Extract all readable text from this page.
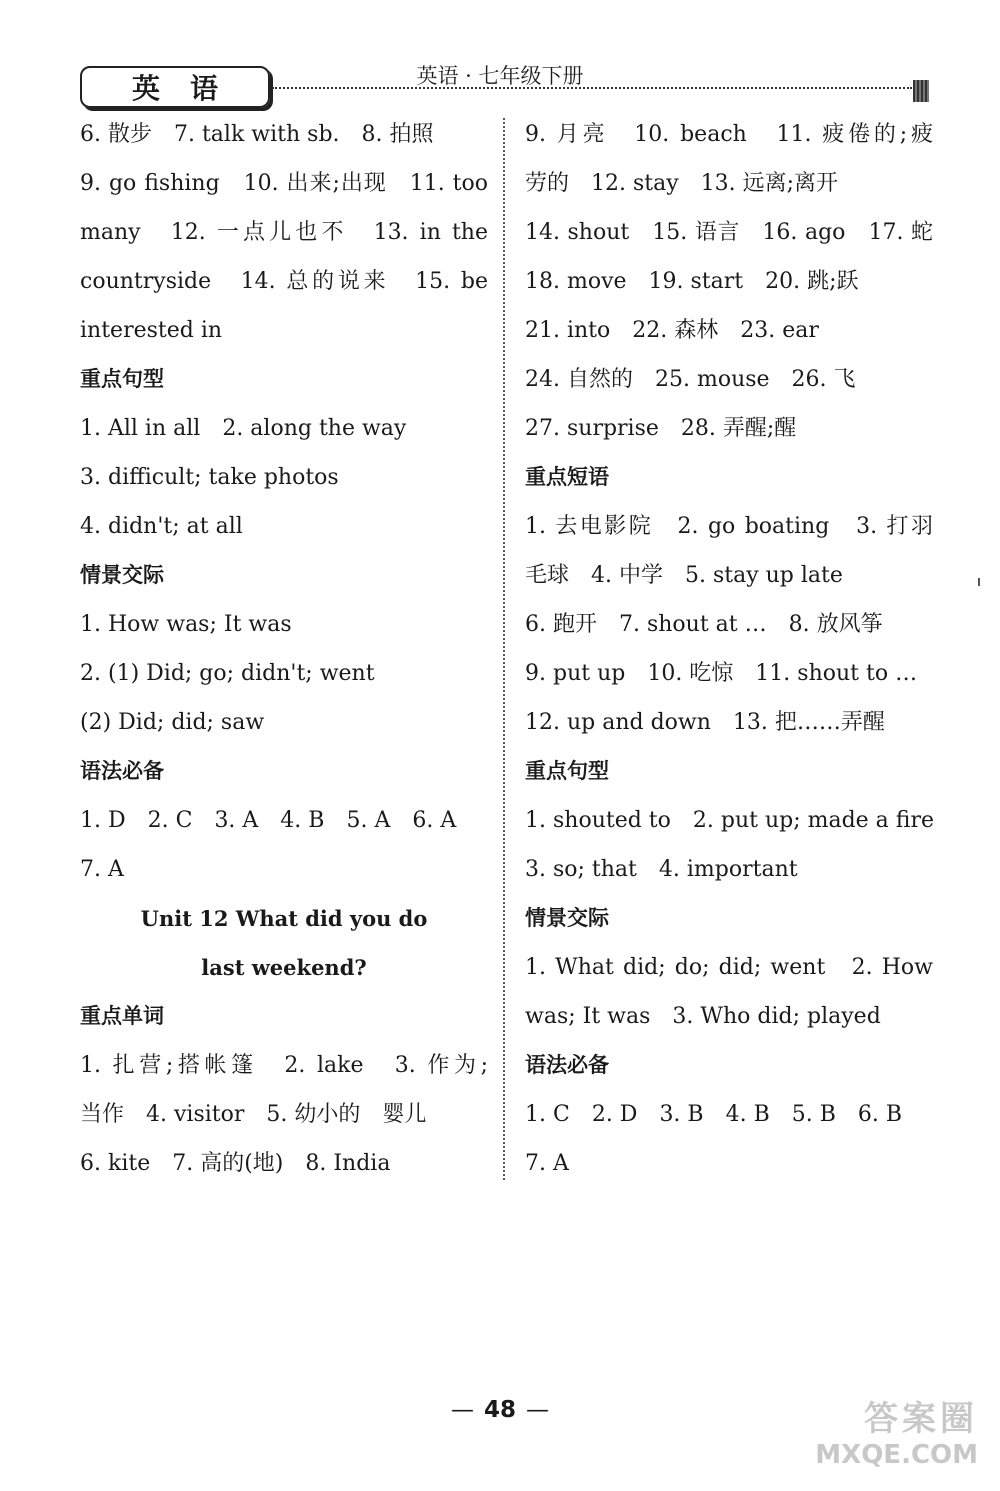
英语	英语 · 七年级下册
6. 散步　7. talk with sb.　8. 拍照
9. go fishing　10. 出来;出现　11. too
many　12. 一点儿也不　13. in the
countryside　14. 总的说来　15. be
interested in
重点句型
1. All in all　2. along the way
3. difficult; take photos
4. didn't; at all
情景交际
1. How was; It was
2. (1) Did; go; didn't; went
(2) Did; did; saw
语法必备
1. D　2. C　3. A　4. B　5. A　6. A
7. A
Unit 12 What did you do
last weekend?
重点单词
1. 扎营;搭帐篷　2. lake　3. 作为;
当作　4. visitor　5. 幼小的　婴儿
6. kite　7. 高的(地)　8. India
9. 月亮　10. beach　11. 疲倦的;疲
劳的　12. stay　13. 远离;离开
14. shout　15. 语言　16. ago　17. 蛇
18. move　19. start　20. 跳;跃
21. into　22. 森林　23. ear
24. 自然的　25. mouse　26. 飞
27. surprise　28. 弄醒;醒
重点短语
1. 去电影院　2. go boating　3. 打羽
毛球　4. 中学　5. stay up late
6. 跑开　7. shout at …　8. 放风筝
9. put up　10. 吃惊　11. shout to …
12. up and down　13. 把……弄醒
重点句型
1. shouted to　2. put up; made a fire
3. so; that　4. important
情景交际
1. What did; do; did; went　2. How
was; It was　3. Who did; played
语法必备
1. C　2. D　3. B　4. B　5. B　6. B
7. A
— 48 —	答案圈
MXQE.COM
